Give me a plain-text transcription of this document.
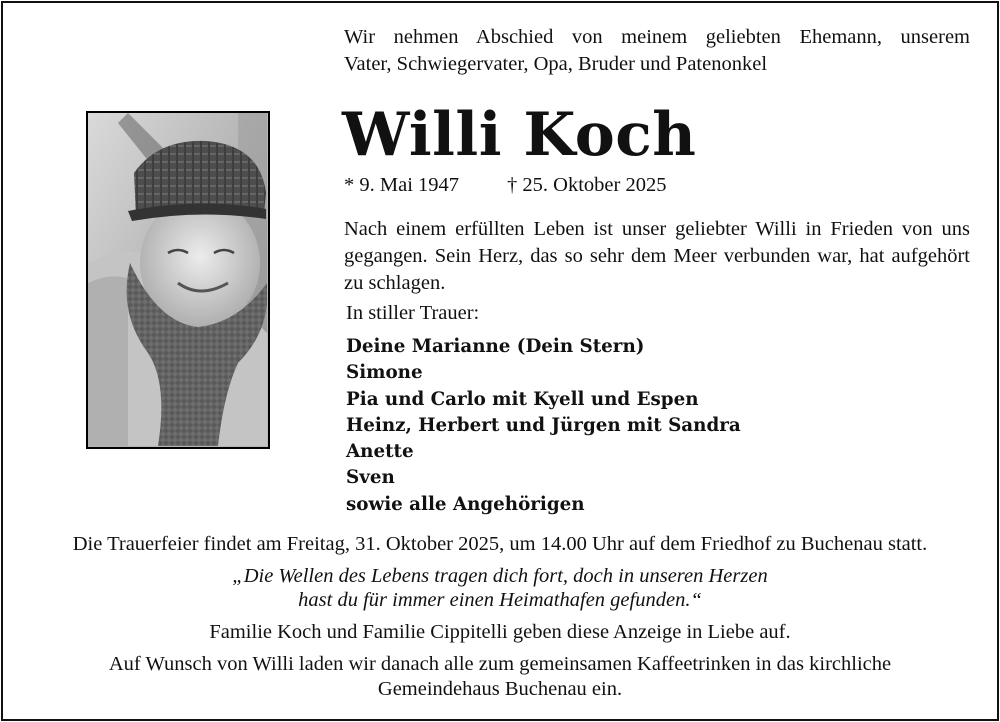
Wir nehmen Abschied von meinem geliebten Ehemann, unserem
Vater, Schwiegervater, Opa, Bruder und Patenonkel
Willi Koch
* 9. Mai 1947 † 25. Oktober 2025
Nach einem erfüllten Leben ist unser geliebter Willi in Frieden von uns gegangen. Sein Herz, das so sehr dem Meer verbunden war, hat aufgehört zu schlagen.
In stiller Trauer:
Deine Marianne (Dein Stern)
Simone
Pia und Carlo mit Kyell und Espen
Heinz, Herbert und Jürgen mit Sandra
Anette
Sven
sowie alle Angehörigen
Die Trauerfeier findet am Freitag, 31. Oktober 2025, um 14.00 Uhr auf dem Friedhof zu Buchenau statt.
„Die Wellen des Lebens tragen dich fort, doch in unseren Herzen
hast du für immer einen Heimathafen gefunden.“
Familie Koch und Familie Cippitelli geben diese Anzeige in Liebe auf.
Auf Wunsch von Willi laden wir danach alle zum gemeinsamen Kaffeetrinken in das kirchliche
Gemeindehaus Buchenau ein.
